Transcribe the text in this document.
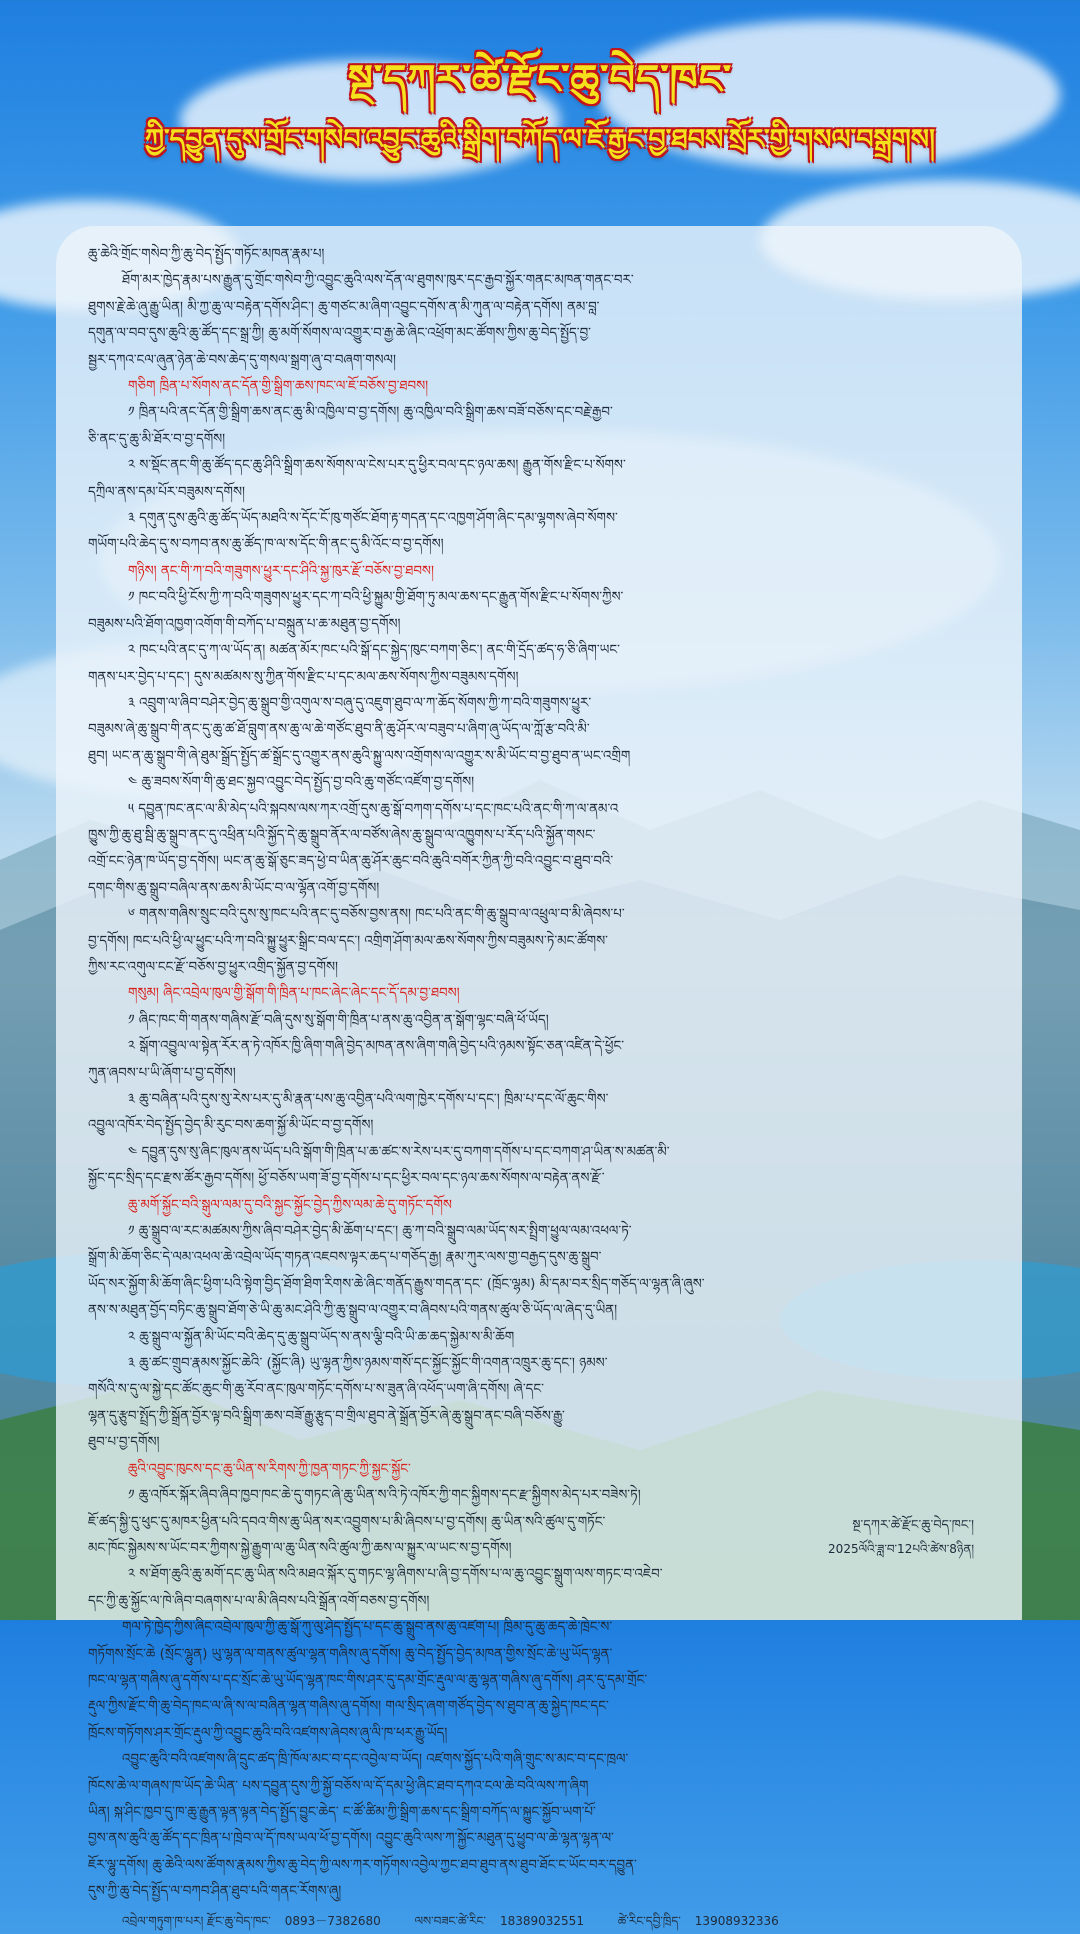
སྔ་དཀར་ཚེ་རྫོང་ཆུ་བེད་ཁང་
ཀྱི་དབྱུན་དུས་གྲོང་གསེབ་འབྱུང་ཆུའི་སྒྲིག་བཀོད་ལ་ཇོ་རྒྱང་བྱ་ཐབས་སྲོར་གྱི་གསལ་བསྒྲགས།
ཆུ་ཆེའི་གྲོང་གསེབ་ཀྱི་ཆུ་བེད་སྤྱོད་གཏོང་མཁན་རྣམ་པ།
ཐོག་མར་ཁྱེད་རྣམ་པས་རྒྱུན་དུ་གྲོང་གསེབ་ཀྱི་འབྱུང་ཆུའི་ལས་དོན་ལ་ཐུགས་ཁུར་དང་རྒྱབ་སྐྱོར་གནང་མཁན་གནང་བར་
ཐུགས་རྗེ་ཆེ་ཞུ་རྒྱུ་ཡིན། མི་ཀྱ་ཆུ་ལ་བརྟེན་དགོས་ཤིང་། ཆུ་གཙང་མ་ཞིག་འབྱུང་དགོས་ན་མི་ཀུན་ལ་བརྟེན་དགོས། ནམ་བླ་
དགུན་ལ་བབ་དུས་ཆུའི་ཆུ་ཚོད་དང་སྒྲ་ཀྱི། ཆུ་མགོ་སོགས་ལ་འགྱུར་བ་རྒྱ་ཆེ་ཞིང་འཕྲོག་མང་ཚོགས་ཀྱིས་ཆུ་བེད་སྤྱོད་བྱ་
སྦྱར་དཀའ་ངལ་ཞུན་ཉེན་ཆེ་བས་ཆེད་དུ་གསལ་སྒྲག་ཞུ་བ་བཞག་གསལ།
གཅིག ཁྲིན་པ་སོགས་ནང་དོན་གྱི་སྒྲིག་ཆས་ཁང་ལ་ཇོ་བཅོས་བྱ་ཐབས།
༡ ཁྲིན་པའི་ནང་དོན་གྱི་སྒྲིག་ཆས་ནང་ཆུ་མི་འཁྱིལ་བ་བྱ་དགོས། ཆུ་འཁྱིལ་བའི་སྒྲིག་ཆས་བཟོ་བཅོས་དང་བརྗེ་རྒྱབ་
ཅི་ནང་དུ་ཆུ་མི་ཐོར་བ་བྱ་དགོས།
༢ ས་སྡོང་ནང་གི་ཆུ་ཚོད་དང་ཆུ་ཤིའི་སྒྲིག་ཆས་སོགས་ལ་ངེས་པར་དུ་ཕྱིར་བལ་དང་ཉལ་ཆས། རྒྱུན་གོས་རྫིང་པ་སོགས་
དཀྲིལ་ནས་དམ་པོར་བཟུམས་དགོས།
༣ དགུན་དུས་ཆུའི་ཆུ་ཚོད་ཡོད་མཐའི་ས་དོང་ངོ་ཁུ་གཙོང་ཐོག་རྟ་གདན་དང་འཁྱག་ཤོག་ཞིང་དམ་ལྷགས་ཞེབ་སོགས་
གཡོག་པའི་ཆེད་དུ་ས་བཀབ་ནས་ཆུ་ཚོད་ཁ་ལ་ས་དོང་གི་ནང་དུ་མི་འོང་བ་བྱ་དགོས།
གཉིས། ནང་གི་ཀ་བའི་གཟུགས་ཕྱུར་དང་ཤིའི་སྐྱ་ཁུར་རྫོ་བཅོས་བྱ་ཐབས།
༡ ཁང་བའི་ཕྱི་ངོས་ཀྱི་ཀ་བའི་གཟུགས་ཕྱུར་དང་ཀ་བའི་ཕྱི་སྐྱུམ་གྱི་ཐོག་ཏུ་མལ་ཆས་དང་རྒྱུན་གོས་རྫིང་པ་སོགས་ཀྱིས་
བཟུམས་པའི་ཐོག་འཁྱག་འགོག་གི་བཀོད་པ་བསྐྲུན་པ་ཆ་མཐུན་བྱ་དགོས།
༢ ཁང་པའི་ནང་དུ་ཀ་ལ་ཡོད་ན། མཚན་མོར་ཁང་པའི་སྒོ་དང་སྐྱེད་ཁུང་བཀག་ཅིང་། ནང་གི་དྲོད་ཚད་ཧ་ཅི་ཞིག་ཡང་
གནས་པར་བྱེད་པ་དང་། དུས་མཚམས་སུ་ཀྱིན་གོས་རྫིང་པ་དང་མལ་ཆས་སོགས་ཀྱིས་བཟུམས་དགོས།
༣ འབྲུག་ལ་ཞིབ་བཤེར་བྱེད་ཆུ་སྒྲུབ་གྱི་འགུལ་ས་བཞུ་དུ་འཇུག་ཐུབ་ལ་ཀ་ཆོད་སོགས་ཀྱི་ཀ་བའི་གཟུགས་ཕྱུར་
བཟུམས་ཞེ་ཆུ་སྒྲུབ་གི་ནང་དུ་ཆུ་ཚ་ཐོ་བླུག་ནས་ཆུ་ལ་ཆེ་གཙོང་ཐུབ་ནི་ཆུ་ཤོར་ལ་བཟུབ་པ་ཞིག་ཞུ་ཡོད་ལ་ཀློ་རྩ་བའི་མི་
ཐུབ། ཡང་ན་ཆུ་སྒྲུབ་གི་ཞེ་ཐུམ་སྒྲོད་སྤྱོད་ཚ་སྒྲོང་དུ་འགྱུར་ནས་ཆུའི་སྐྱུ་ལས་འགྲོགས་ལ་འགྱུར་ས་མི་ཡོང་བ་བྱ་ཐུབ་ན་ཡང་འགྲིག
༤ ཆུ་ཟབས་སོག་གི་ཆུ་ཐང་སྐྱབ་འབྱུང་བེད་སྤྱོད་བྱ་བའི་ཆུ་གཙོང་འཛོག་བྱ་དགོས།
༥ དབྱུན་ཁང་ནང་ལ་མི་མེད་པའི་སྐབས་ལས་ཀར་འགྲོ་དུས་ཆུ་སྒོ་བཀག་དགོས་པ་དང་ཁང་པའི་ནང་གི་ཀ་ལ་ནམ་འ
ཁྱུས་ཀྱི་ཆུ་ཐུ་སྦི་ཆུ་སྒྲུབ་ནང་དུ་འཕྲིན་པའི་སྐྱོད་དེ་ཆུ་སྒྲུབ་ནོར་ལ་བཙོས་ཞེས་ཆུ་སྒྲུབ་ལ་འཁྱུགས་པ་རོད་པའི་སྐྱོན་གསང་
འགྲོ་ངང་ཉེན་ཁ་ཡོད་བྱ་དགོས། ཡང་ན་ཆུ་སྒོ་ཅུང་ཟད་ཕྱེ་བ་ཡིན་ཆུ་ཤོར་ཆུང་བའི་ཆུའི་བགོར་ཀྱིན་ཀྱི་བའི་འབྱུང་བ་ཐུབ་བའི་
དགང་གིས་ཆུ་སྒྲུབ་བཞིལ་ནས་ཆས་མི་ཡོང་བ་ལ་ལྷོན་འགོ་བྱ་དགོས།
༦ གནས་གཞིས་སྲུང་བའི་དུས་སུ་ཁང་པའི་ནང་དུ་བཅོས་བྱས་ནས། ཁང་པའི་ནང་གི་ཆུ་སྒྲུབ་ལ་འཕྲུལ་བ་མི་ཞེབས་པ་
བྱ་དགོས། ཁང་པའི་ཕྱི་ལ་ཕྱུང་པའི་ཀ་བའི་སྐྱུ་ཕྱུར་སྒྲིང་བལ་དང་། འགྲིག་ཤོག་མལ་ཆས་སོགས་ཀྱིས་བཟུམས་ཏེ་མང་ཚོགས་
ཀྱིས་རང་འགུལ་ངང་རྫོ་བཅོས་བྱ་ཕྱུར་འགྲིད་སྐྱོན་བྱ་དགོས།
གསུམ། ཞིང་འབྲེལ་ཁུལ་གྱི་སྒོག་གི་ཁྲིན་པ་ཁང་ཞེང་ཞེང་དང་དོ་དམ་བྱ་ཐབས།
༡ ཞིང་ཁང་གི་གནས་གཞིས་རྫོ་བཞི་དུས་སུ་སྒོག་གི་ཁྲིན་པ་ནས་ཆུ་འབྱིན་ན་སྒོག་ལྷང་བཞི་ཕོ་ཡོད།
༢ སྒོག་འབྱུལ་ལ་སྟེན་རོར་ན་ཏེ་འཁོར་ཁྱི་ཞིག་གཞི་བྱེད་མཁན་ནས་ཞིག་གཞི་བྱེད་པའི་ཉམས་སྟོང་ཅན་འཛིན་དེ་ཕྱོང་
ཀུན་ཞབས་པ་ཡི་ཞོག་པ་བྱ་དགོས།
༣ ཆུ་བཞིན་པའི་དུས་སུ་རེས་པར་དུ་མི་རྣན་པས་ཆུ་འབྱིན་པའི་ལག་ཁྱེར་དགོས་པ་དང་། ཁྲིམ་པ་དང་ལོ་ཆུང་གིས་
འབྱུལ་འཁོར་བེད་སྤྱོད་བྱེད་མི་རུང་བས་ཆག་སྐྱོ་མི་ཡོང་བ་བྱ་དགོས།
༤ དབྱུན་དུས་སུ་ཞིང་ཁུལ་ནས་ཡོད་པའི་སྒོག་གི་ཁྲིན་པ་ཆ་ཚང་ས་རེས་པར་དུ་བཀག་དགོས་པ་དང་བཀག་ཤ་ཡིན་ས་མཚན་མི་
སྐྱོང་དང་སྲིད་དང་རྫས་ཚོར་རྒྱབ་དགོས། ཕྱོ་བཅོས་ཡག་ཟོ་བྱ་དགོས་པ་དང་ཕྱིར་བལ་དང་ཉལ་ཆས་སོགས་ལ་བརྟེན་ནས་རྫོ་
ཆུ་མགོ་སྐྱོང་བའི་སྒུལ་ལམ་དུ་བའི་སྐྱང་སྐྱོང་བྱེད་ཀྱིས་ལམ་ཆེ་དུ་གཏོང་དགོས
༡ ཆུ་སྒྲུབ་ལ་རང་མཚམས་ཀྱིས་ཞིབ་བཤེར་བྱེད་མི་ཆོག་པ་དང་། ཆུ་ཀ་བའི་སྒྲུབ་ལམ་ཡོད་སར་སྤྲིག་ཕྱུལ་ལམ་འཕལ་ཏེ་
སྒྲོག་མི་ཆོག་ཅིང་དེ་ལམ་འཕལ་ཆེ་འབྲེལ་ཡོད་གཏན་འཇབས་ལྟར་ཆད་པ་གཅོད་རྒྱ། རྣམ་ཀུར་ལས་གྱ་བརྒྱད་དུས་ཆུ་སྒྲུབ་
ཡོད་སར་སྐྱོག་མི་ཆོག་ཞིང་ཕྱིག་པའི་སྟེག་བྱིད་ཐོག་ཐིག་རིགས་ཆེ་ཞིང་གནོད་རྒྱུས་གདན་དང་ (ཁྲོང་ལྷམ) མི་དམ་བར་སྲིད་གཅོད་ལ་ལྷན་ཞི་ཞུས་
ནས་ས་མཐུན་བྱོད་བཏིང་ཆུ་སྒྲུབ་ཐོག་ཅེ་ཡི་ཆུ་མང་ཤེའི་ཀྱི་ཆུ་སྒྲུབ་ལ་འགྱུར་བ་ཞིབས་པའི་གནས་ཚུལ་ཅི་ཡོད་ལ་ཞེད་དུ་ཡིན།
༢ ཆུ་སྒྲུབ་ལ་སྐྱོན་མི་ཡོང་བའི་ཆེད་དུ་ཆུ་སྒྲུབ་ཡོད་ས་ནས་ལྕི་བའི་ཡི་ཆ་ཆད་སྐྱེམ་ས་མི་ཆོག
༣ ཆུ་ཚང་གྲུབ་རྣམས་སྐྱོང་ཆེའི་ (སྐྱོང་ཞི) ཡུ་ལྷན་ཀྱིས་ཉམས་གསོ་དང་སྐྱོང་སྐྱོང་གི་འགན་འཁྲུར་ཆུ་དང་། ཉམས་
གསོའི་ས་དུ་ལ་སྐྱེ་དང་ཚོང་ཆུང་གི་ཆུ་རོབ་ནང་ཁུལ་གཏོང་དགོས་པ་ས་ཟུན་ཞི་འཕོད་ཡག་ཞི་དགོས། ཞེ་དང་
ལྷན་དུ་རྩུབ་སྤྲོད་ཀྱི་སྒྲོན་བྱོར་ལྟ་བའི་སྒྲིག་ཆས་བཟོ་རྒྱུ་རྩུད་བ་གྲིལ་ཐུབ་ནེ་སྒྲོན་བྱོར་ཞེ་ཆུ་སྒྲུབ་ནང་བཞི་བཅོས་རྒྱུ་
ཐུབ་པ་བྱ་དགོས།
ཆུའི་འབྱུང་ཁུངས་དང་ཆུ་ཡིན་ས་རིགས་ཀྱི་ཁྱན་གཏང་ཀྱི་སྐྱང་སྐྱོང་
༡ ཆུ་འཁོར་སྐོར་ཞིབ་ཞིབ་ཁྱབ་ཁང་ཆེ་དུ་གཏང་ཞེ་ཆུ་ཡིན་ས་འི་ཏེ་འཁོར་ཀྱི་གང་སྐྱིགས་དང་རྫ་སྐྱིགས་མེད་པར་བཟེས་ཏེ།
ཇོ་ཚད་སྐྱི་དུ་ཕུང་དུ་མཁར་ཕྱིན་པའི་དབའ་གིས་ཆུ་ཡིན་སར་འབྱུགས་པ་མི་ཞིབས་པ་བྱ་དགོས། ཆུ་ཡིན་སའི་ཚུལ་དུ་གཏོང་
མང་ཁོང་སྐྱེམས་ས་ཡོང་བར་ཀྱིགས་སྐྱེ་རྒྱུག་ལ་ཆུ་ཡིན་སའི་ཚུལ་ཀྱི་ཆས་ལ་སྐྱུར་ལ་ཡང་ས་བྱ་དགོས།
༢ ས་ཐོག་ཆུའི་ཆུ་མགོ་དང་ཆུ་ཡིན་སའི་མཐའ་སྐོར་དུ་གཏང་ལྷ་ཞིགས་པ་ཞི་བྱ་དགོས་པ་ལ་ཆུ་འབྱུང་སྒྲུག་ལས་གཏང་བ་འཇེབ་
དང་ཀྱི་ཆུ་སྐྱོང་ལ་ཁེ་ཞིབ་བཞགས་པ་ལ་མི་ཞིབས་པའི་སྒྲོན་འགོ་བཅས་བྱ་དགོས།
གལ་ཏེ་ཁྱེད་ཀྱིས་ཞིང་འབྲེལ་ཁུལ་ཀྱི་ཆུ་སྒོ་ཀུ་ལུ་ཤེད་སྤྱོད་པ་དང་ཆུ་སྒྲུབ་ནས་ཆུ་འཛག་པ། ཁྲིམ་དུ་ཆུ་ཆད་ཆེ་ཁྲེང་ས་
གཏོགས་སྲོང་ཆེ (སྲོང་ལྷུན) ཡུ་ལྷན་ལ་གནས་ཚུལ་ལྷན་གཞིས་ཞུ་དགོས། ཆུ་བེད་སྤྱོད་བྱེད་མཁན་གྱིས་སྲོང་ཆེ་ཡུ་ཡོད་ལྷན་
ཁང་ལ་ལྷན་གཞིས་ཞུ་དགོས་པ་དང་སྲོང་ཆེ་ཡུ་ཡོད་ལྷན་ཁང་གིས་ཤར་དུ་དམ་གྲོང་རྡུལ་ལ་ཆུ་ལྷན་གཞིས་ཞུ་དགོས། ཤར་དུ་དམ་གྲོང་
རྡུལ་ཀྱིས་རྫོང་གི་ཆུ་བེད་ཁང་ལ་ཞི་ས་ལ་བཞིན་ལྷན་གཞིས་ཞུ་དགོས། གལ་སྲིད་ཞག་གཙོད་བྱེད་ས་ཐུབ་ན་ཆུ་སྐྱེད་ཁང་དང་
ཁྲོངས་གཏོགས་ཤར་གྲོང་རྡུལ་ཀྱི་འབྱུང་ཆུའི་བའི་འཛགས་ཞེབས་ཞུ་ལི་ཁ་ཕར་རྒྱུ་ཡོད།
འབྱུང་ཆུའི་བའི་འཛགས་ཞི་དྲུང་ཚད་ཁྲི་ཁོལ་མང་བ་དང་འབྱེལ་བ་ཡོད། འཛགས་སྐྱོད་པའི་གཞི་གྲུང་ས་མང་བ་དང་ཁྲལ་
ཁོངས་ཆེ་ལ་གཞས་ཁ་ཡོད་ཆེ་ཡིན་ པས་དབྱུན་དུས་ཀྱི་སྐྱོ་བཅོས་ལ་དོ་དམ་ཕྱེ་ཞིང་ཐབ་དཀའ་ངལ་ཆེ་བའི་ལས་ཀ་ཞིག
ཡིན། སྐ་ཤིང་ཁྱབ་དུ་ཁ་ཆུ་རྒྱུན་ལྟན་ལྟན་བེད་སྤྱོད་བྱུང་ཆེད་ ང་ཚོ་ཚིམ་ཀྱི་སྒྲིག་ཆས་དང་སྒྲིག་བཀོད་ལ་སྐྱུང་སྐྱོབ་ཡག་པོ་
བྱས་ནས་ཆུའི་ཆུ་ཚོད་དང་ཁྲིན་པ་ཁྲེབ་ལ་དོ་ཁས་ཡལ་ཕོ་བྱ་དགོས། འབྱུང་ཆུའི་ལས་ཀ་སྐྱོང་མཐུན་དུ་ཕྱུབ་ལ་ཆེ་ལྷན་ལྷན་ལ་
ཇོར་ལྷུ་དགོས། ཆུ་ཆེའི་ལས་ཚོགས་རྣམས་ཀྱིས་ཆུ་བེད་ཀྱི་ལས་ཀར་གཏོགས་འབྱེལ་ཀྱང་ཐབ་ཐུབ་ནས་ཐུབ་ཐོང་ང་ཡོང་བར་དབྱུན་
དུས་ཀྱི་ཆུ་བེད་སྤྱོད་ལ་བཀབ་ཤིན་ཐུབ་པའི་གནང་རོགས་ཞུ།
འབྲེལ་གཏུག་ཁ་པར། རྫོང་ཆུ་བེད་ཁང་ 0893－7382680	ལས་བཟང་ཚེ་རིང་ 18389032551	ཚེ་རིང་དབྱི་ཁྲིད་ 13908932336
སྔ་དཀར་ཚེ་རྫོང་ཆུ་བེད་ཁང་།
2025ལོའི་ཟླ་བ་12པའི་ཚེས་8ཉིན།
